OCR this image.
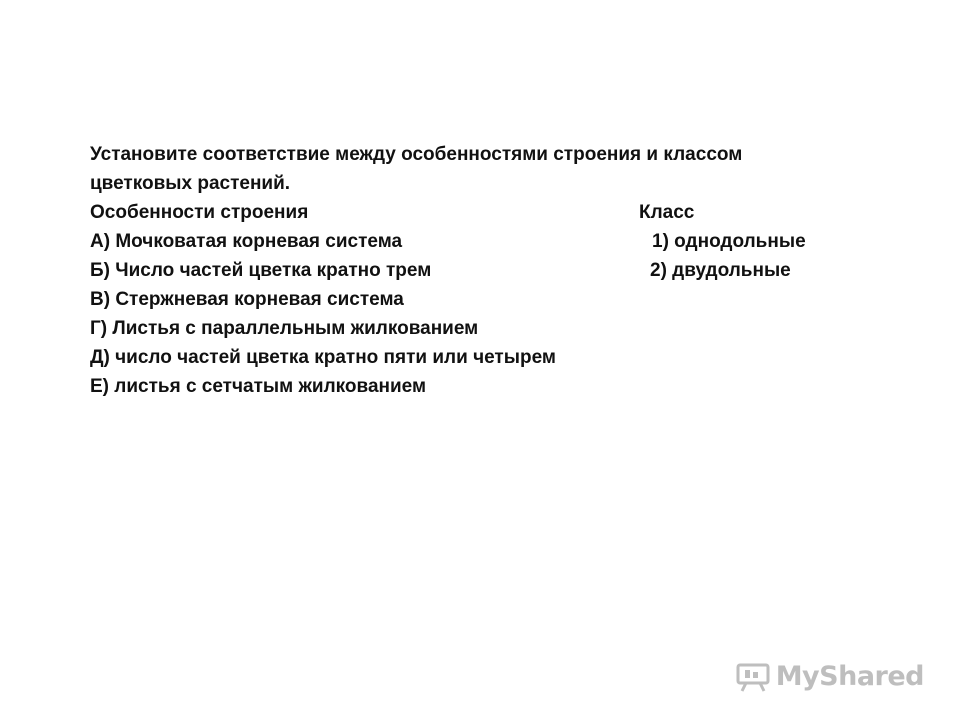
Установите соответствие между особенностями строения и классом
цветковых растений.
Особенности строения	Класс
А) Мочковатая корневая система	1) однодольные
Б) Число частей цветка кратно трем	2) двудольные
В) Стержневая корневая система
Г) Листья с параллельным жилкованием
Д) число частей цветка кратно пяти или четырем
Е) листья с сетчатым жилкованием
MyShared
